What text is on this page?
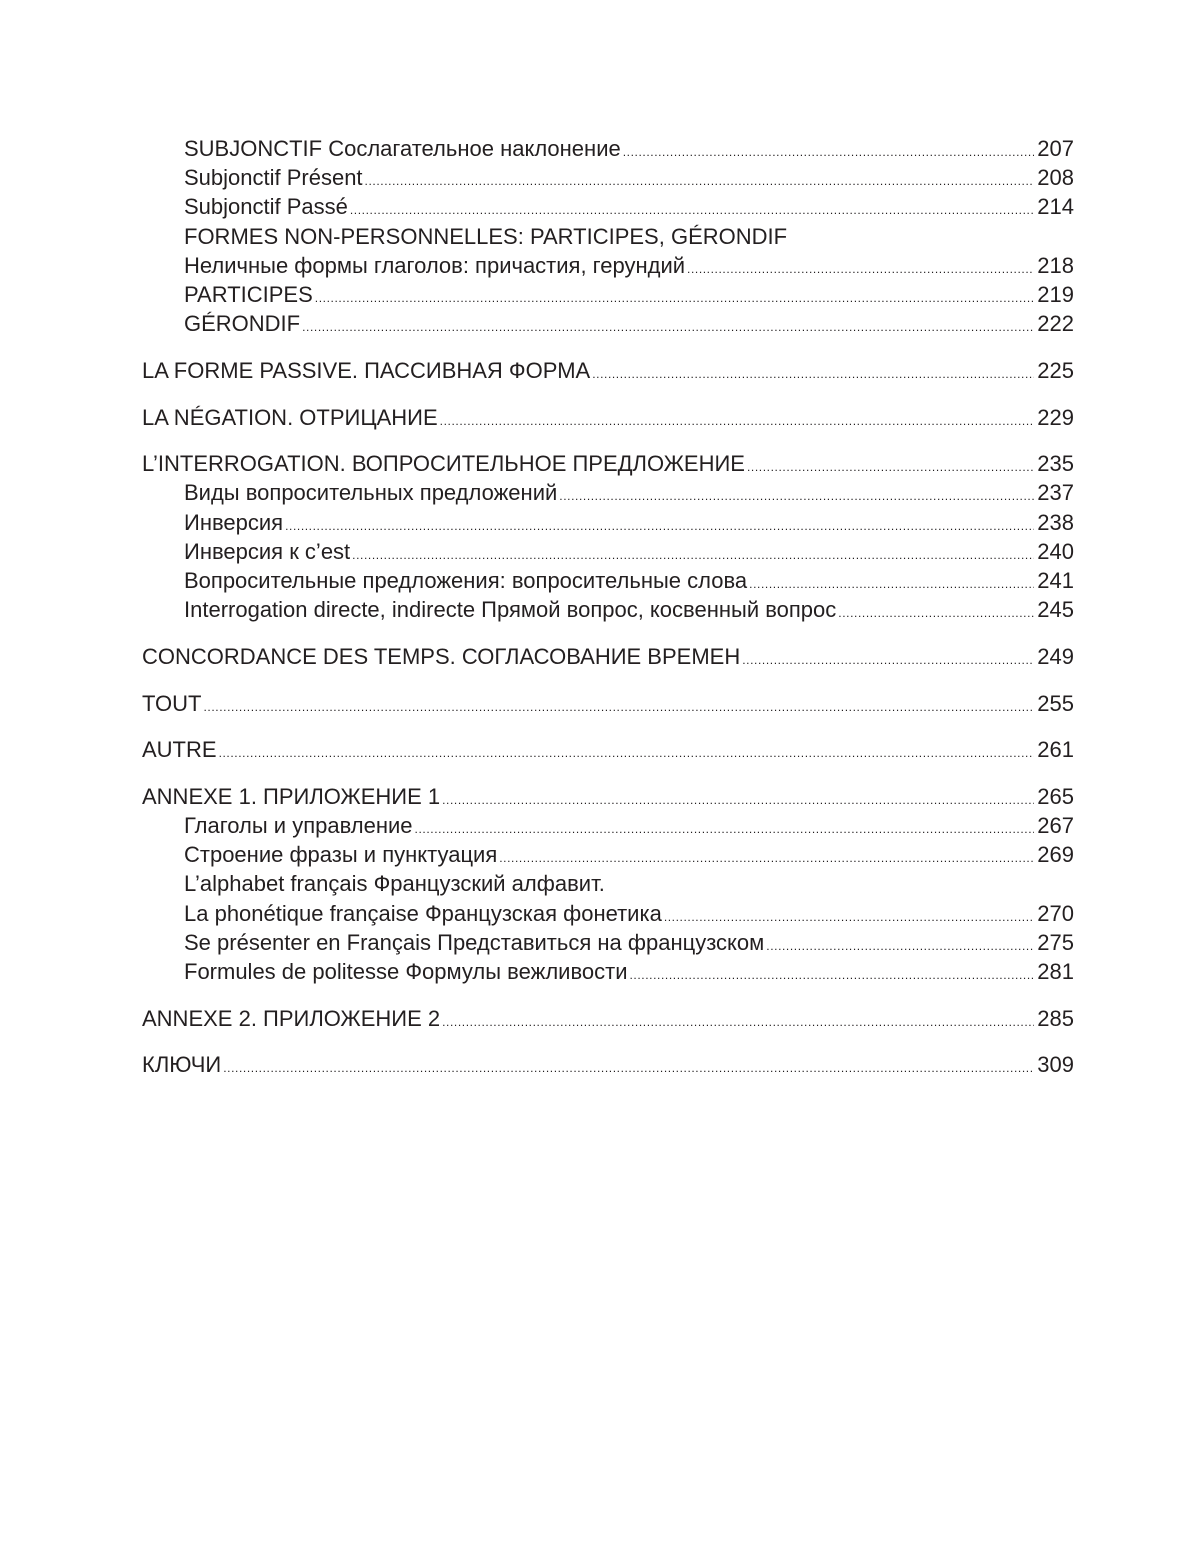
SUBJONCTIF Сослагательное наклонение .....	207
Subjonctif Présent .....	208
Subjonctif Passé .....	214
FORMES NON-PERSONNELLES: PARTICIPES, GÉRONDIF
Неличные формы глаголов: причастия, герундий .....	218
PARTICIPES .....	219
GÉRONDIF .....	222
LA FORME PASSIVE. ПАССИВНАЯ ФОРМА .....	225
LA NÉGATION. ОТРИЦАНИЕ .....	229
L’INTERROGATION. ВОПРОСИТЕЛЬНОЕ ПРЕДЛОЖЕНИЕ .....	235
Виды вопросительных предложений .....	237
Инверсия .....	238
Инверсия к c’est .....	240
Вопросительные предложения: вопросительные слова .....	241
Interrogation directe, indirecte Прямой вопрос, косвенный вопрос .....	245
CONCORDANCE DES TEMPS. СОГЛАСОВАНИЕ ВРЕМЕН .....	249
TOUT .....	255
AUTRE .....	261
ANNEXE 1. ПРИЛОЖЕНИЕ 1 .....	265
Глаголы и управление .....	267
Строение фразы и пунктуация .....	269
L’alphabet français Французский алфавит.
La phonétique française Французская фонетика .....	270
Se présenter en Français Представиться на французском .....	275
Formules de politesse Формулы вежливости .....	281
ANNEXE 2. ПРИЛОЖЕНИЕ 2 .....	285
КЛЮЧИ .....	309
